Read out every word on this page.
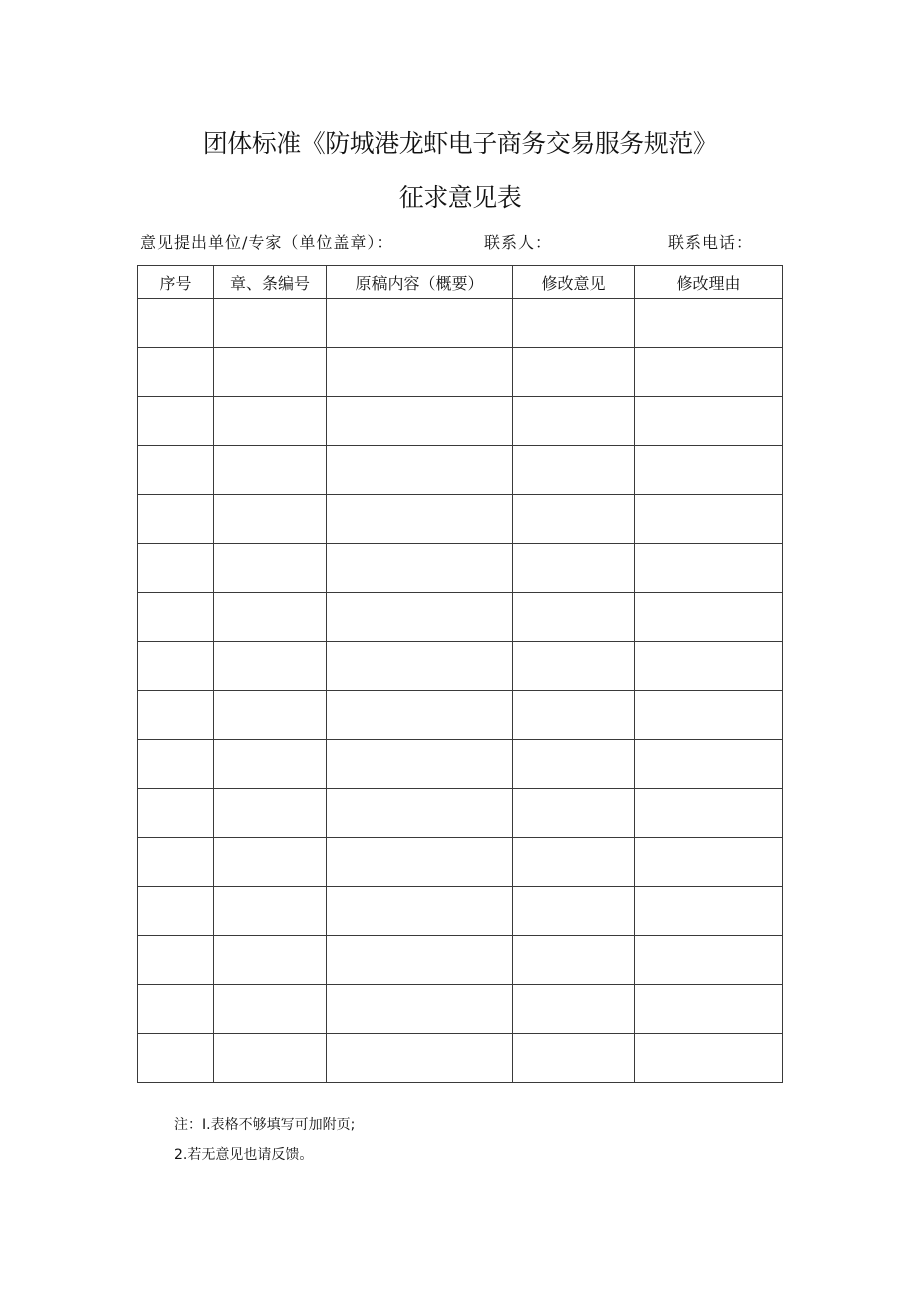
团体标准《防城港龙虾电子商务交易服务规范》
征求意见表
意见提出单位/专家（单位盖章）：	联系人：	联系电话：
序号	章、条编号	原稿内容（概要）	修改意见	修改理由

注：I.表格不够填写可加附页;
2.若无意见也请反馈。
